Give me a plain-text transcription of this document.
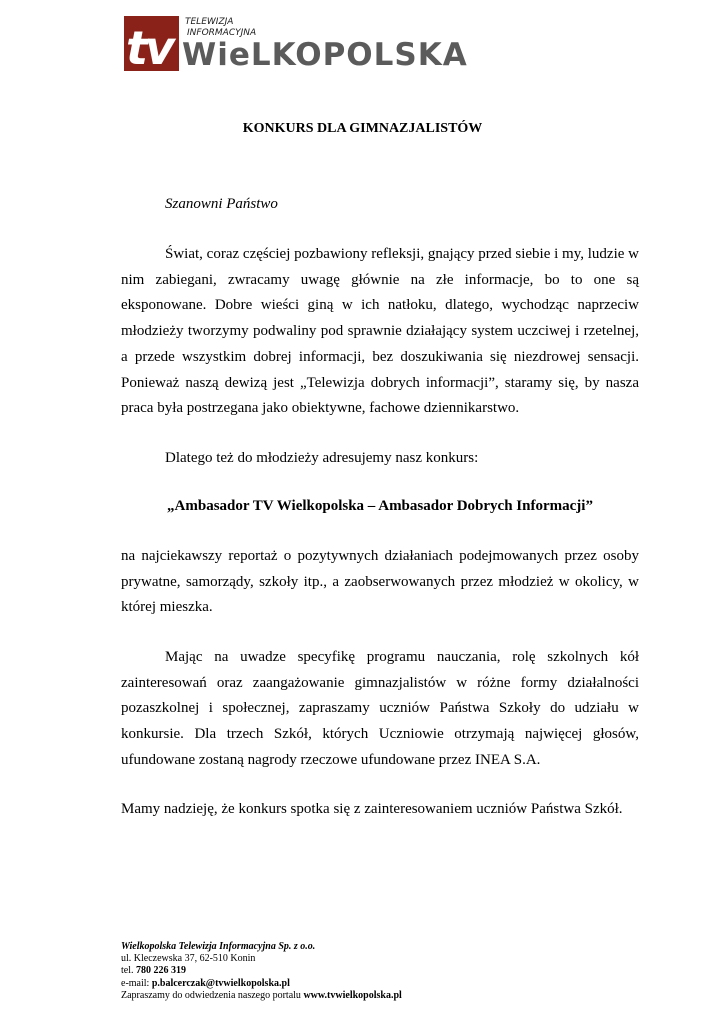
tv	TELEWIZJA
INFORMACYJNA
WieLKOPOLSKA
KONKURS DLA GIMNAZJALISTÓW
Szanowni Państwo

Świat, coraz częściej pozbawiony refleksji, gnający przed siebie i my, ludzie w nim zabiegani, zwracamy uwagę głównie na złe informacje, bo to one są eksponowane. Dobre wieści giną w ich natłoku, dlatego, wychodząc naprzeciw młodzieży tworzymy podwaliny pod sprawnie działający system uczciwej i rzetelnej, a przede wszystkim dobrej informacji, bez doszukiwania się niezdrowej sensacji. Ponieważ naszą dewizą jest „Telewizja dobrych informacji”, staramy się, by nasza praca była postrzegana jako obiektywne, fachowe dziennikarstwo.

Dlatego też do młodzieży adresujemy nasz konkurs:

„Ambasador TV Wielkopolska – Ambasador Dobrych Informacji”

na najciekawszy reportaż o pozytywnych działaniach podejmowanych przez osoby prywatne, samorządy, szkoły itp., a zaobserwowanych przez młodzież w okolicy, w której mieszka.

Mając na uwadze specyfikę programu nauczania, rolę szkolnych kół zainteresowań oraz zaangażowanie gimnazjalistów w różne formy działalności pozaszkolnej i społecznej, zapraszamy uczniów Państwa Szkoły do udziału w konkursie. Dla trzech Szkół, których Uczniowie otrzymają najwięcej głosów, ufundowane zostaną nagrody rzeczowe ufundowane przez INEA S.A.

Mamy nadzieję, że konkurs spotka się z zainteresowaniem uczniów Państwa Szkół.

Wielkopolska Telewizja Informacyjna Sp. z o.o.
ul. Kleczewska 37, 62-510 Konin
tel. 780 226 319
e-mail: p.balcerczak@tvwielkopolska.pl
Zapraszamy do odwiedzenia naszego portalu www.tvwielkopolska.pl
